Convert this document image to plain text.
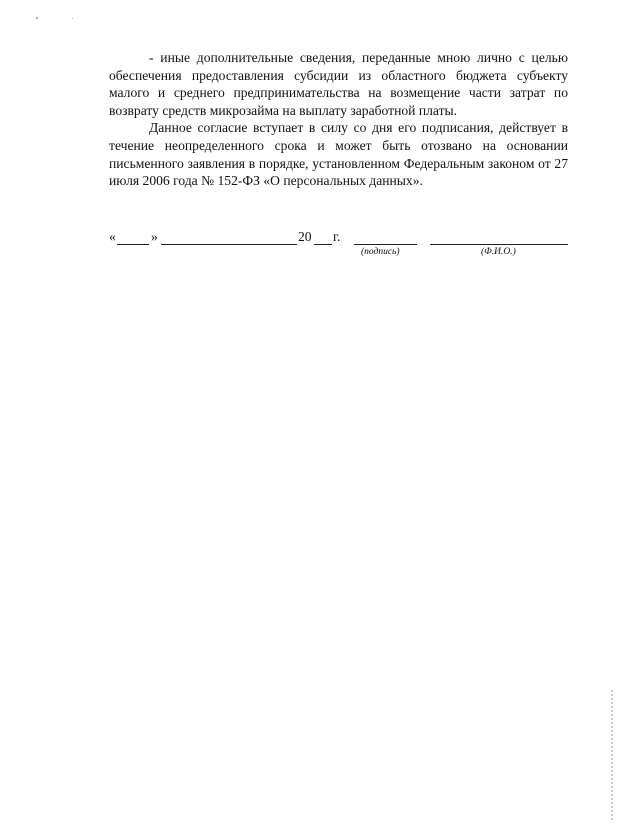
- иные дополнительные сведения, переданные мною лично с целью обеспечения предоставления субсидии из областного бюджета субъекту малого и среднего предпринимательства на возмещение части затрат по возврату средств микрозайма на выплату заработной платы.

Данное согласие вступает в силу со дня его подписания, действует в течение неопределенного срока и может быть отозвано на основании письменного заявления в порядке, установленном Федеральным законом от 27 июля 2006 года № 152-ФЗ «О персональных данных».

«	»	20 г.
(подпись)	(Ф.И.О.)
